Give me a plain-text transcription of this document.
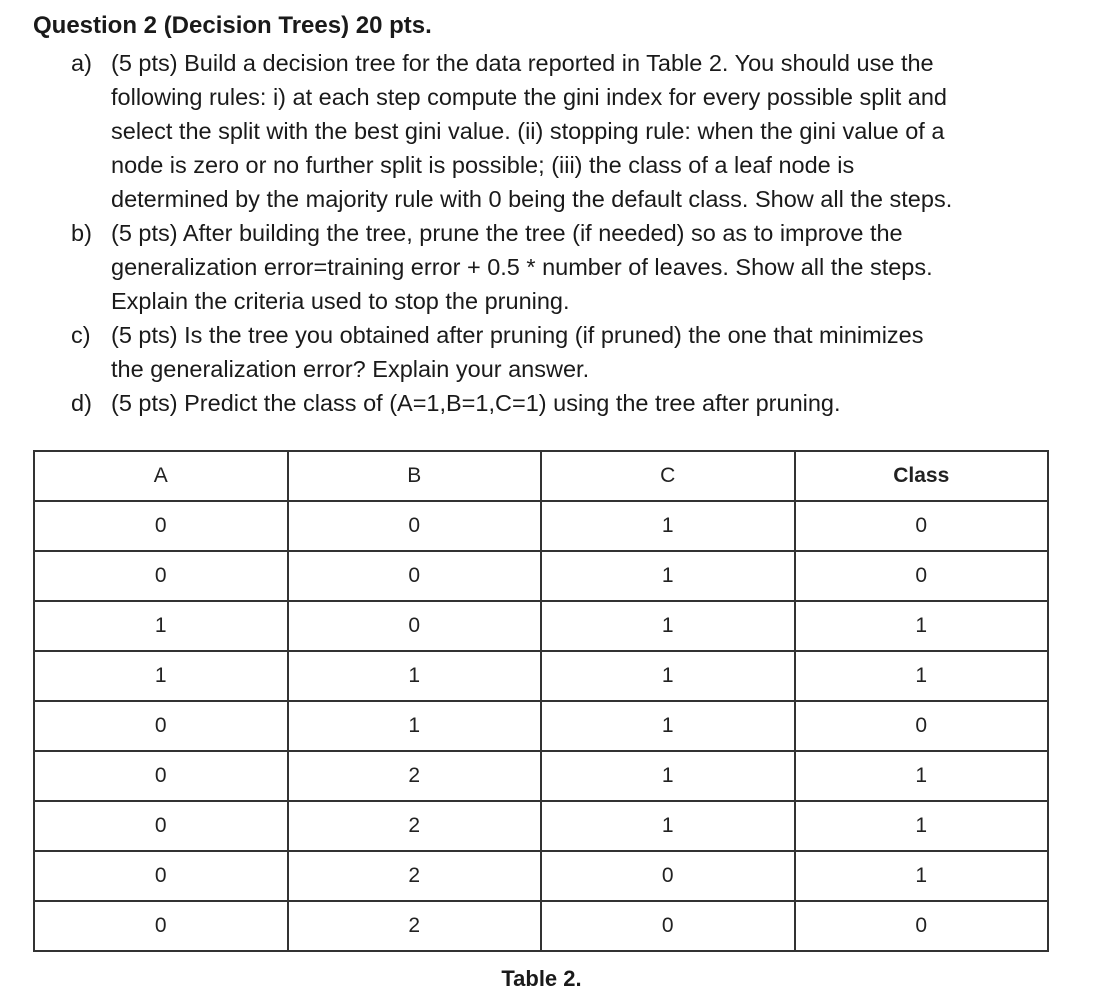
Question 2 (Decision Trees) 20 pts.
a) (5 pts) Build a decision tree for the data reported in Table 2. You should use the
following rules: i) at each step compute the gini index for every possible split and
select the split with the best gini value. (ii) stopping rule: when the gini value of a
node is zero or no further split is possible; (iii) the class of a leaf node is
determined by the majority rule with 0 being the default class. Show all the steps.
b) (5 pts) After building the tree, prune the tree (if needed) so as to improve the
generalization error=training error + 0.5 * number of leaves. Show all the steps.
Explain the criteria used to stop the pruning.
c) (5 pts) Is the tree you obtained after pruning (if pruned) the one that minimizes
the generalization error? Explain your answer.
d) (5 pts) Predict the class of (A=1,B=1,C=1) using the tree after pruning.
A	B	C	Class
0	0	1	0
0	0	1	0
1	0	1	1
1	1	1	1
0	1	1	0
0	2	1	1
0	2	1	1
0	2	0	1
0	2	0	0
Table 2.
